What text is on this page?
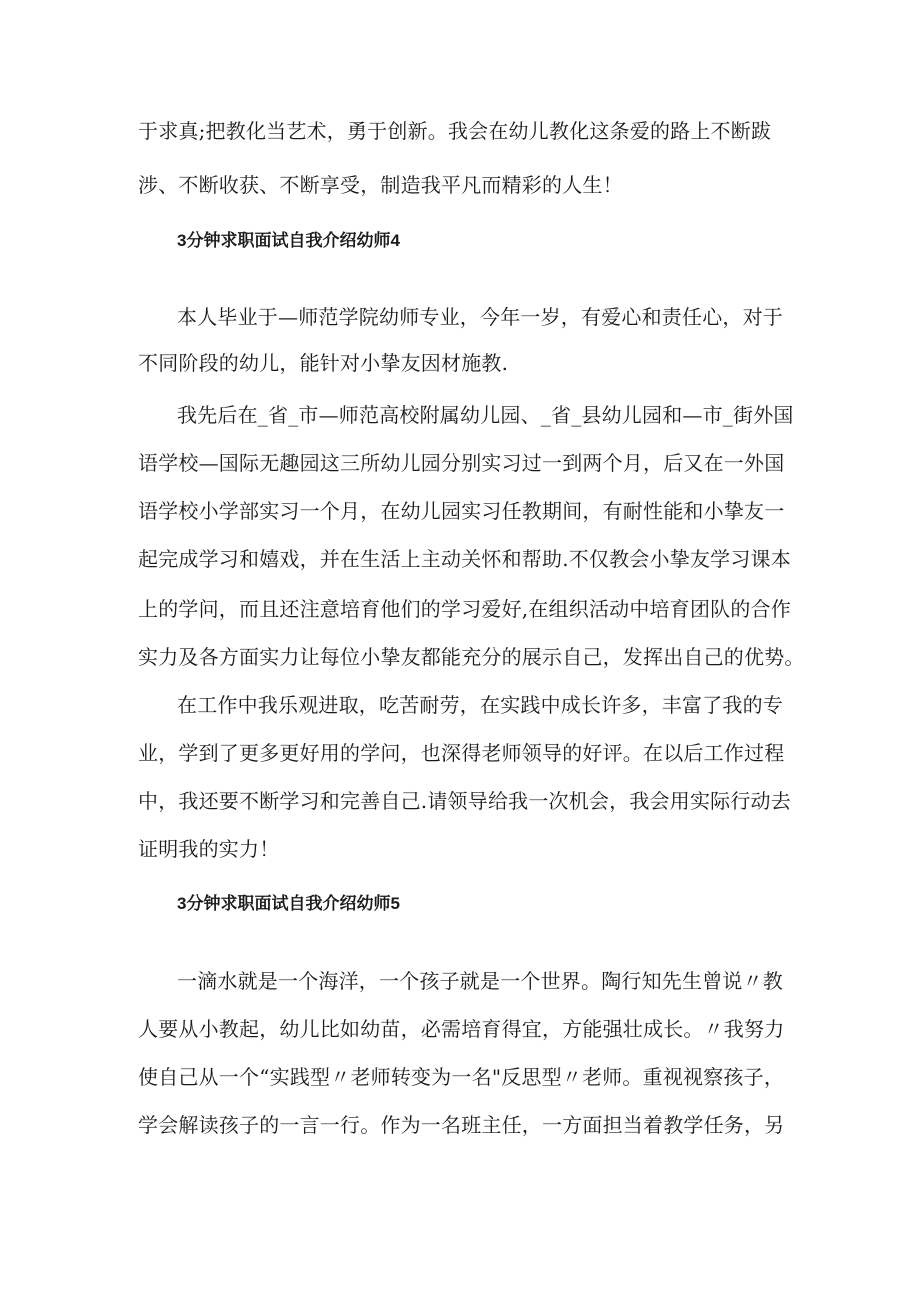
于求真;把教化当艺术，勇于创新。我会在幼儿教化这条爱的路上不断跋

涉、不断收获、不断享受，制造我平凡而精彩的人生！

3分钟求职面试自我介绍幼师4

本人毕业于—师范学院幼师专业，今年一岁，有爱心和责任心，对于

不同阶段的幼儿，能针对小挚友因材施教.

我先后在_省_市—师范高校附属幼儿园、_省_县幼儿园和—市_街外国

语学校—国际无趣园这三所幼儿园分别实习过一到两个月，后又在一外国

语学校小学部实习一个月，在幼儿园实习任教期间，有耐性能和小挚友一

起完成学习和嬉戏，并在生活上主动关怀和帮助.不仅教会小挚友学习课本

上的学问，而且还注意培育他们的学习爱好,在组织活动中培育团队的合作

实力及各方面实力让每位小挚友都能充分的展示自己，发挥出自己的优势。

在工作中我乐观进取，吃苦耐劳，在实践中成长许多，丰富了我的专

业，学到了更多更好用的学问，也深得老师领导的好评。在以后工作过程

中，我还要不断学习和完善自己.请领导给我一次机会，我会用实际行动去

证明我的实力！

3分钟求职面试自我介绍幼师5

一滴水就是一个海洋，一个孩子就是一个世界。陶行知先生曾说〃教

人要从小教起，幼儿比如幼苗，必需培育得宜，方能强壮成长。〃我努力

使自己从一个“实践型〃老师转变为一名"反思型〃老师。重视视察孩子，

学会解读孩子的一言一行。作为一名班主任，一方面担当着教学任务，另
